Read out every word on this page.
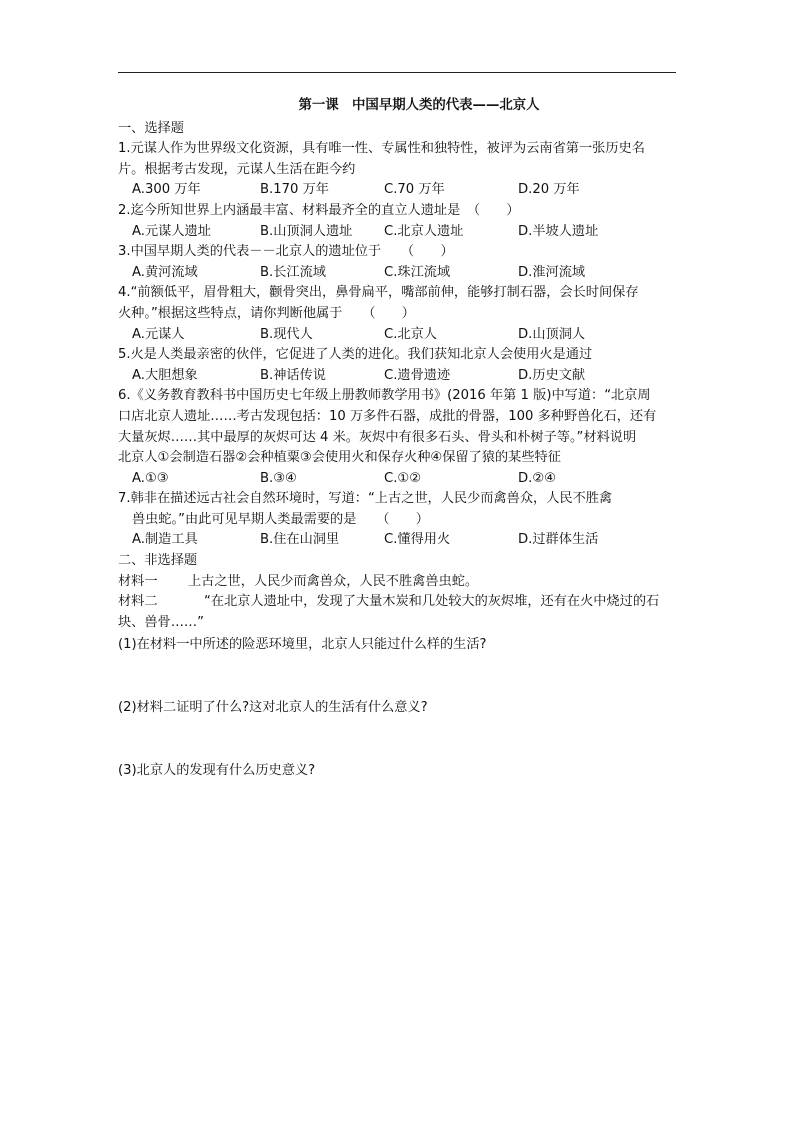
第一课　中国早期人类的代表——北京人
一、选择题
1.元谋人作为世界级文化资源，具有唯一性、专属性和独特性，被评为云南省第一张历史名
片。根据考古发现，元谋人生活在距今约
A.300 万年	B.170 万年	C.70 万年	D.20 万年
2.迄今所知世界上内涵最丰富、材料最齐全的直立人遗址是　（　　）
A.元谋人遗址	B.山顶洞人遗址	C.北京人遗址	D.半坡人遗址
3.中国早期人类的代表－－北京人的遗址位于　　（　　）
A.黄河流域	B.长江流域	C.珠江流域	D.淮河流域
4.“前额低平，眉骨粗大，颧骨突出，鼻骨扁平，嘴部前伸，能够打制石器，会长时间保存
火种。”根据这些特点，请你判断他属于　　（　　）
A.元谋人	B.现代人	C.北京人	D.山顶洞人
5.火是人类最亲密的伙伴，它促进了人类的进化。我们获知北京人会使用火是通过
A.大胆想象	B.神话传说	C.遗骨遗迹	D.历史文献
6.《义务教育教科书中国历史七年级上册教师教学用书》(2016 年第 1 版)中写道：“北京周
口店北京人遗址……考古发现包括：10 万多件石器，成批的骨器，100 多种野兽化石，还有
大量灰烬……其中最厚的灰烬可达 4 米。灰烬中有很多石头、骨头和朴树子等。”材料说明
北京人①会制造石器②会种植粟③会使用火和保存火种④保留了猿的某些特征
A.①③	B.③④	C.①②	D.②④
7.韩非在描述远古社会自然环境时，写道：“上古之世，人民少而禽兽众，人民不胜禽
兽虫蛇。”由此可见早期人类最需要的是　　（　　）
A.制造工具	B.住在山洞里	C.懂得用火	D.过群体生活
二、非选择题
材料一	上古之世，人民少而禽兽众，人民不胜禽兽虫蛇。
材料二	“在北京人遗址中，发现了大量木炭和几处较大的灰烬堆，还有在火中烧过的石
块、兽骨……”
(1)在材料一中所述的险恶环境里，北京人只能过什么样的生活?
(2)材料二证明了什么?这对北京人的生活有什么意义?
(3)北京人的发现有什么历史意义?
